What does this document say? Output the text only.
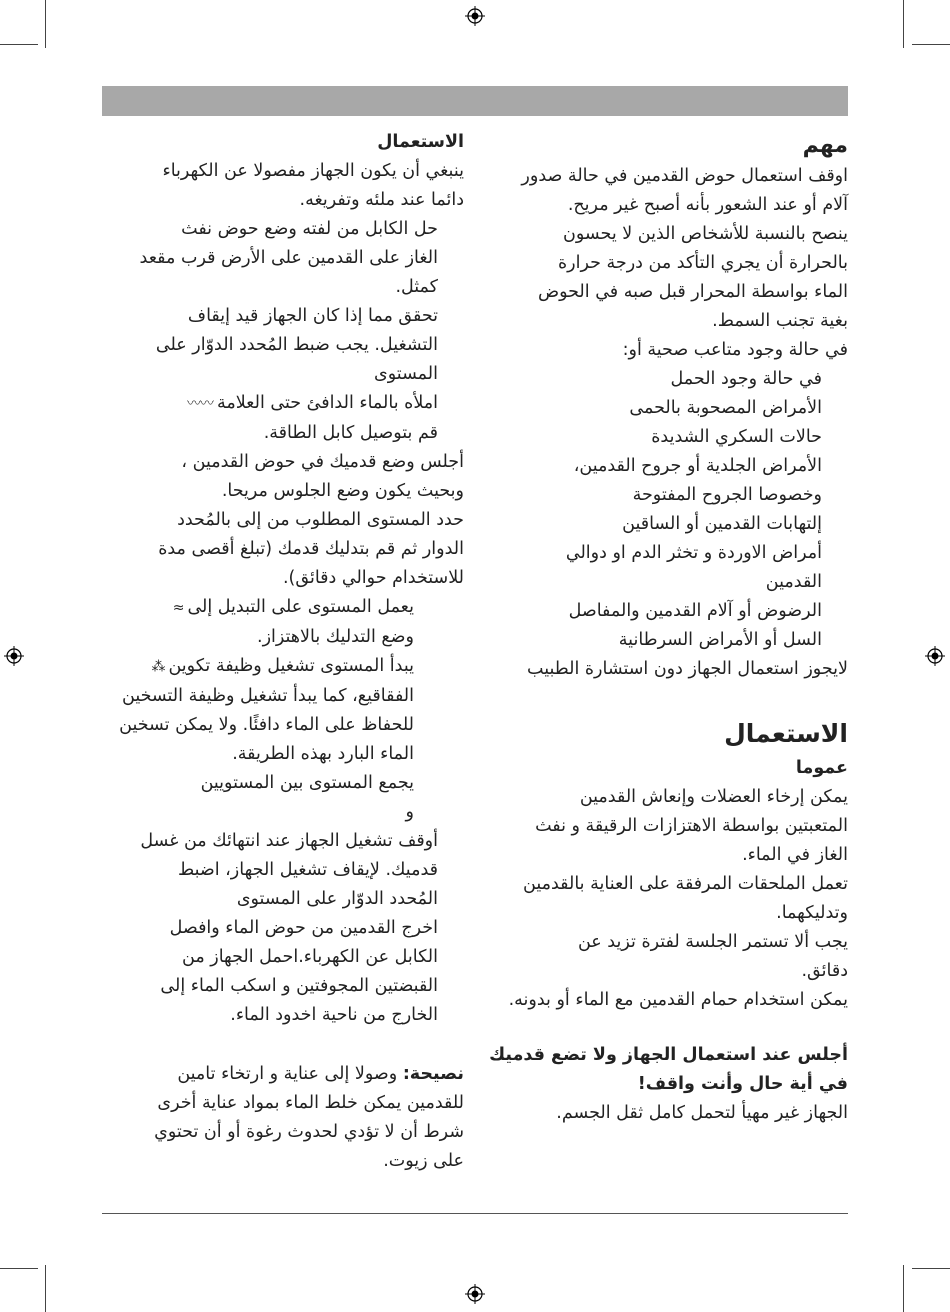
مهم

اوقف استعمال حوض القدمين في حالة صدور

آلام أو عند الشعور بأنه أصبح غير مريح.

ينصح بالنسبة للأشخاص الذين لا يحسون

بالحرارة أن يجري التأكد من درجة حرارة

الماء بواسطة المحرار قبل صبه في الحوض

بغية تجنب السمط.

في حالة وجود متاعب صحية أو:

في حالة وجود الحمل

الأمراض المصحوبة بالحمى

حالات السكري الشديدة

الأمراض الجلدية أو جروح القدمين،

وخصوصا الجروح المفتوحة

إلتهابات القدمين أو الساقين

أمراض الاوردة و تخثر الدم او دوالي

القدمين

الرضوض أو آلام القدمين والمفاصل

السل أو الأمراض السرطانية

لايجوز استعمال الجهاز دون استشارة الطبيب

الاستعمال
عموما

يمكن إرخاء العضلات وإنعاش القدمين

المتعبتين بواسطة الاهتزازات الرقيقة و نفث

الغاز في الماء.

تعمل الملحقات المرفقة على العناية بالقدمين

وتدليكهما.

يجب ألا تستمر الجلسة لفترة تزيد عن

دقائق.

يمكن استخدام حمام القدمين مع الماء أو بدونه.

أجلس عند استعمال الجهاز ولا تضع قدميك

في أية حال وأنت واقف!

الجهاز غير مهيأ لتحمل كامل ثقل الجسم.

الاستعمال

ينبغي أن يكون الجهاز مفصولا عن الكهرباء

دائما عند ملئه وتفريغه.

حل الكابل من لفته وضع حوض نفث

الغاز على القدمين على الأرض قرب مقعد

كمثل.

تحقق مما إذا كان الجهاز قيد إيقاف

التشغيل. يجب ضبط المُحدد الدوّار على

المستوى

املأه بالماء الدافئ حتى العلامة〰〰

قم بتوصيل كابل الطاقة.

أجلس وضع قدميك في حوض القدمين ،

وبحيث يكون وضع الجلوس مريحا.

حدد المستوى المطلوب من إلى بالمُحدد

الدوار ثم قم بتدليك قدمك (تبلغ أقصى مدة

للاستخدام حوالي دقائق).

يعمل المستوى على التبديل إلى≈

وضع التدليك بالاهتزاز.

يبدأ المستوى تشغيل وظيفة تكوين⁂

الفقاقيع، كما يبدأ تشغيل وظيفة التسخين

للحفاظ على الماء دافئًا. ولا يمكن تسخين

الماء البارد بهذه الطريقة.

يجمع المستوى بين المستويين

و

أوقف تشغيل الجهاز عند انتهائك من غسل

قدميك. لإيقاف تشغيل الجهاز، اضبط

المُحدد الدوّار على المستوى

اخرج القدمين من حوض الماء وافصل

الكابل عن الكهرباء.احمل الجهاز من

القبضتين المجوفتين و اسكب الماء إلى

الخارج من ناحية اخدود الماء.

نصيحة: وصولا إلى عناية و ارتخاء تامين

للقدمين يمكن خلط الماء بمواد عناية أخرى

شرط أن لا تؤدي لحدوث رغوة أو أن تحتوي

على زيوت.
